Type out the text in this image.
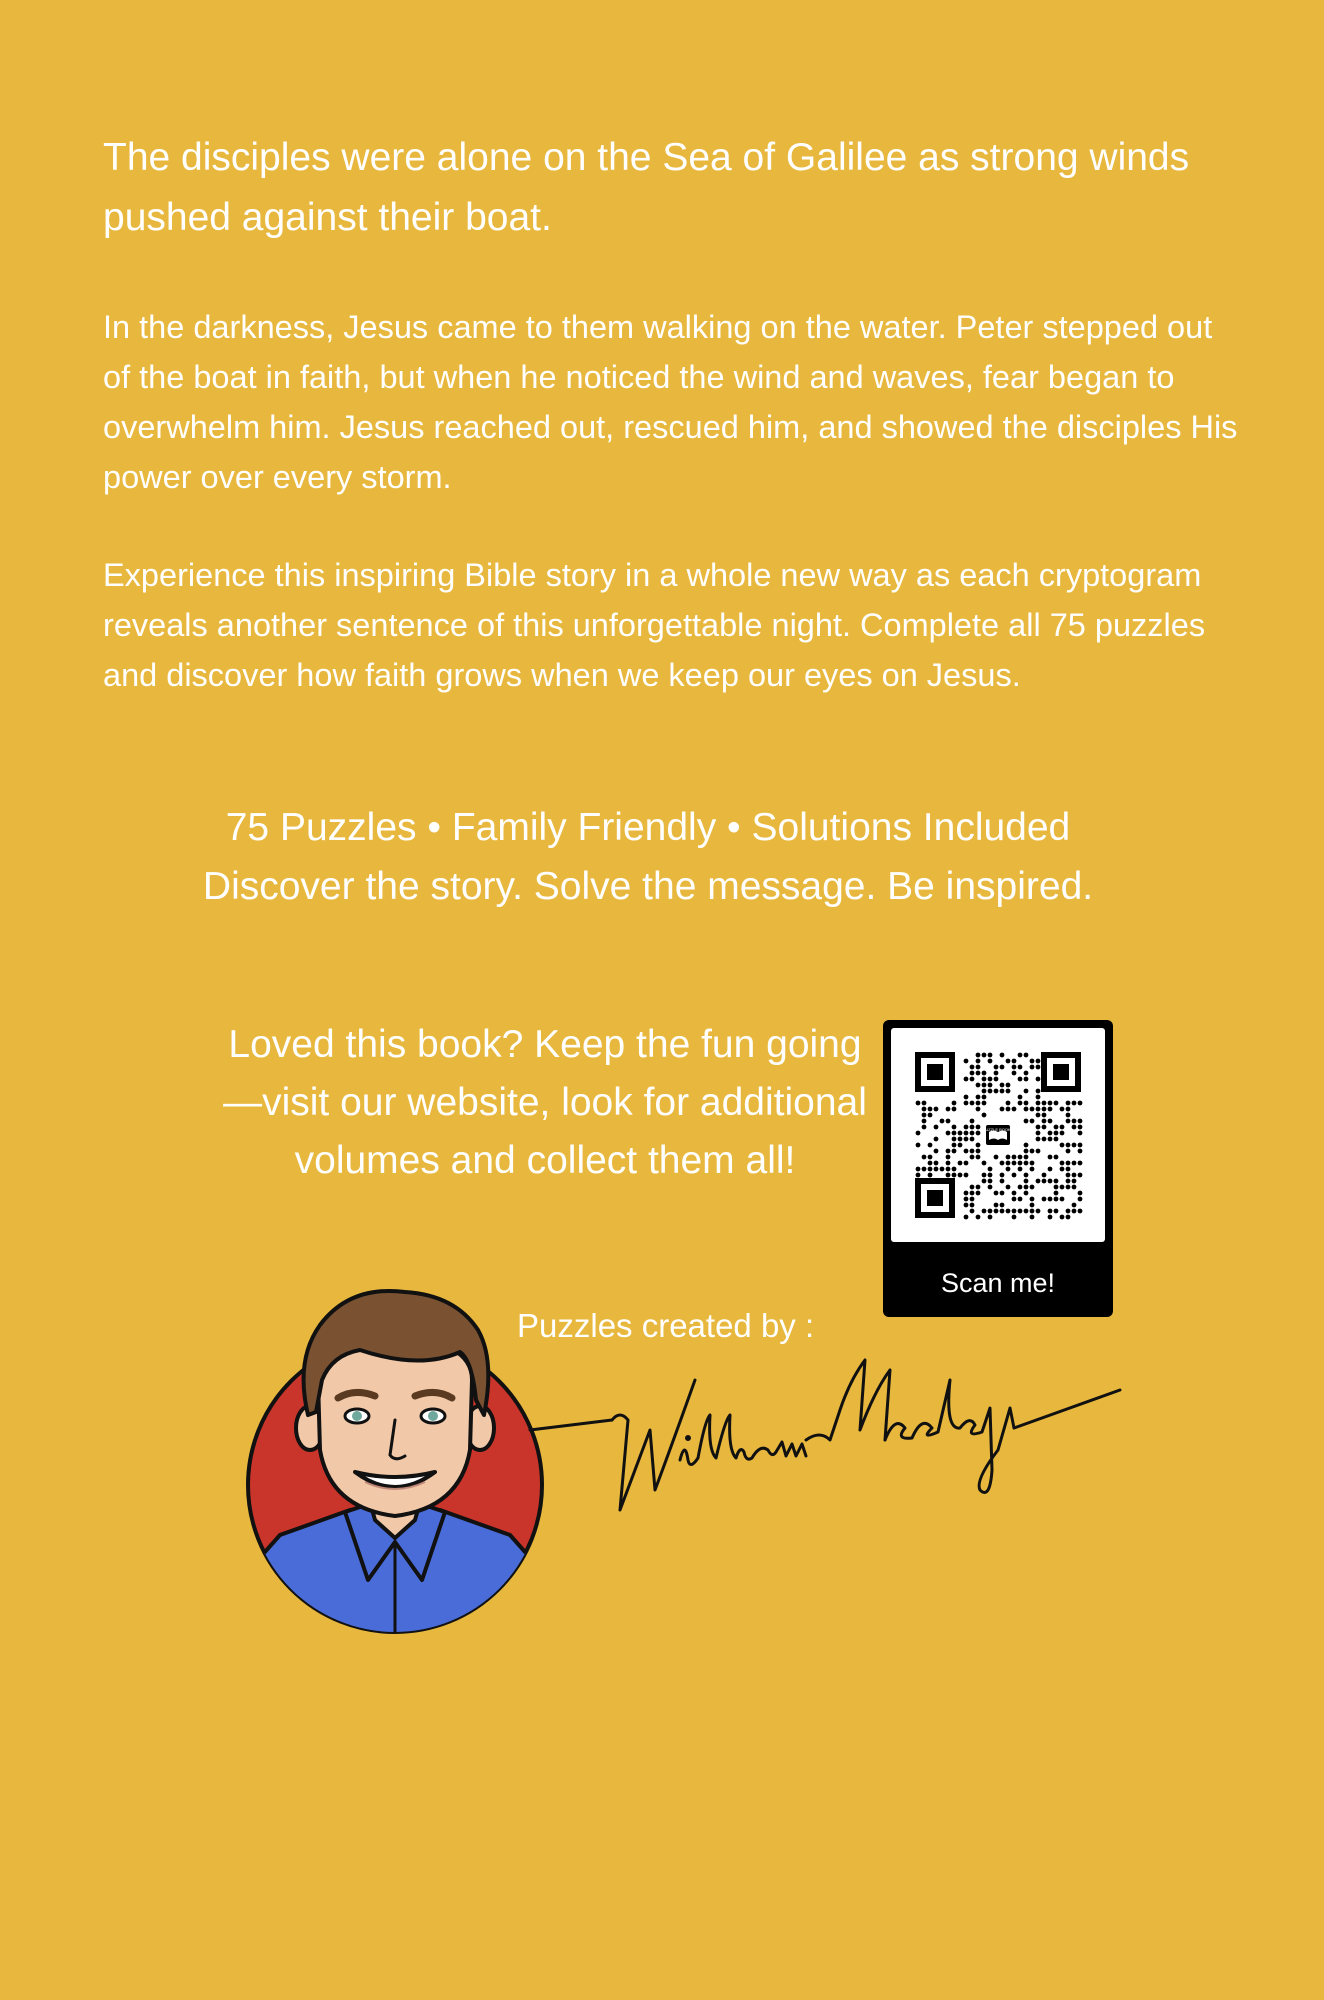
The disciples were alone on the Sea of Galilee as strong winds pushed against their boat.

In the darkness, Jesus came to them walking on the water. Peter stepped out of the boat in faith, but when he noticed the wind and waves, fear began to overwhelm him. Jesus reached out, rescued him, and showed the disciples His power over every storm.

Experience this inspiring Bible story in a whole new way as each cryptogram reveals another sentence of this unforgettable night. Complete all 75 puzzles and discover how faith grows when we keep our eyes on Jesus.

75 Puzzles • Family Friendly • Solutions Included

Discover the story. Solve the message. Be inspired.

Loved this book? Keep the fun going—visit our website, look for additional volumes and collect them all!

PUZZLE BOOKS
Scan me!

Puzzles created by :
